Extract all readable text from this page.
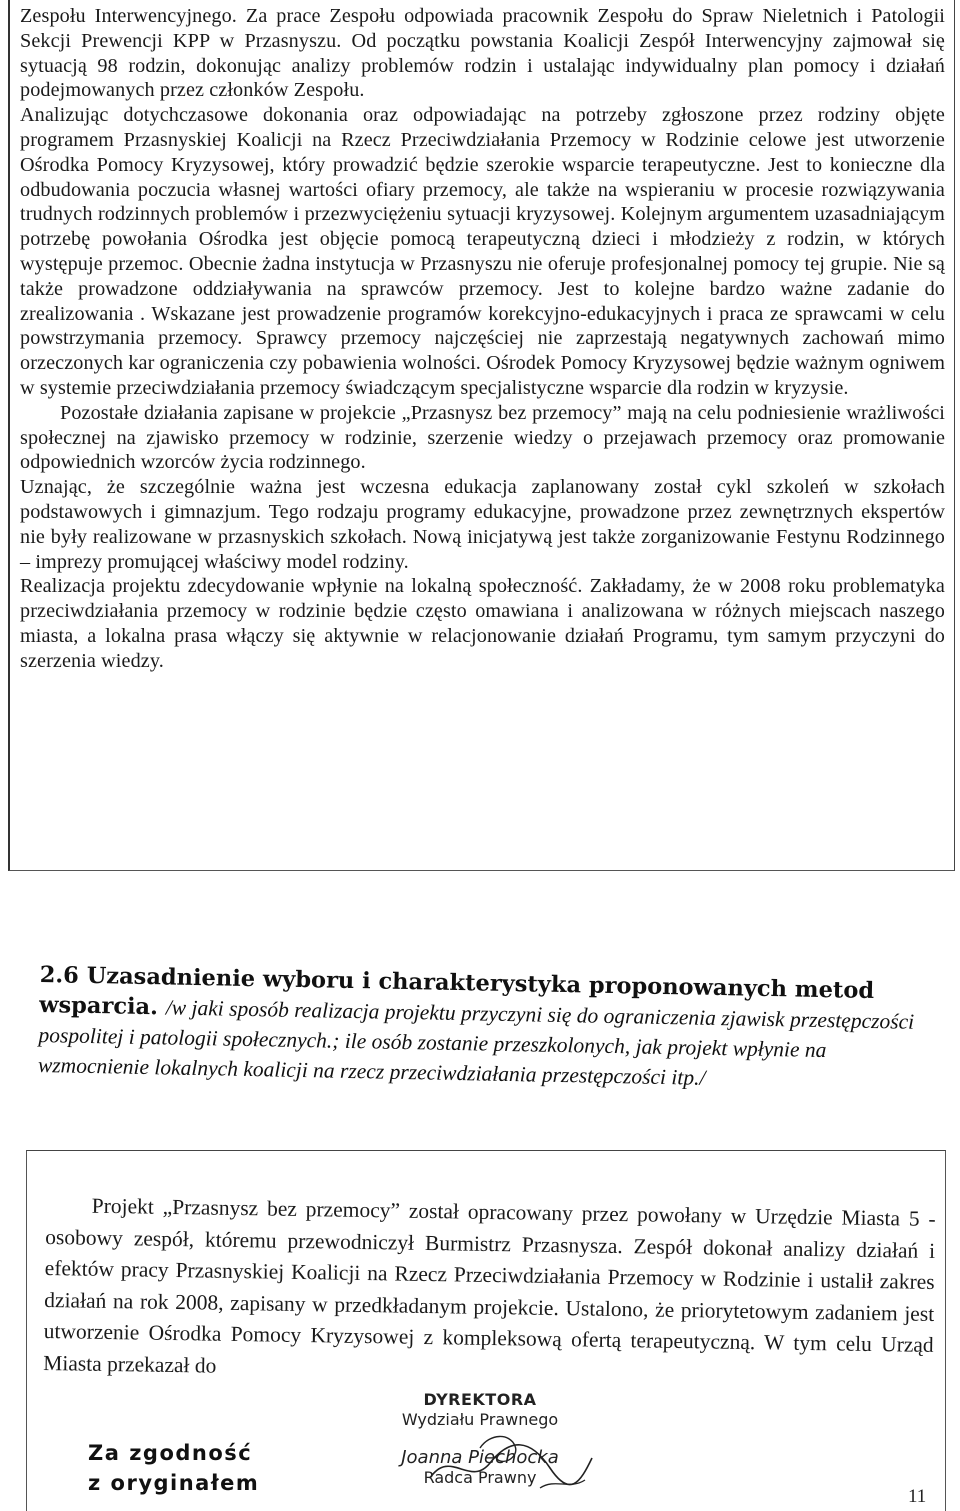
Zespołu Interwencyjnego. Za prace Zespołu odpowiada pracownik Zespołu do Spraw Nieletnich i Patologii Sekcji Prewencji KPP w Przasnyszu. Od początku powstania Koalicji Zespół Interwencyjny zajmował się sytuacją 98 rodzin, dokonując analizy problemów rodzin i ustalając indywidualny plan pomocy i działań podejmowanych przez członków Zespołu.

Analizując dotychczasowe dokonania oraz odpowiadając na potrzeby zgłoszone przez rodziny objęte programem Przasnyskiej Koalicji na Rzecz Przeciwdziałania Przemocy w Rodzinie celowe jest utworzenie Ośrodka Pomocy Kryzysowej, który prowadzić będzie szerokie wsparcie terapeutyczne. Jest to konieczne dla odbudowania poczucia własnej wartości ofiary przemocy, ale także na wspieraniu w procesie rozwiązywania trudnych rodzinnych problemów i przezwyciężeniu sytuacji kryzysowej. Kolejnym argumentem uzasadniającym potrzebę powołania Ośrodka jest objęcie pomocą terapeutyczną dzieci i młodzieży z rodzin, w których występuje przemoc. Obecnie żadna instytucja w Przasnyszu nie oferuje profesjonalnej pomocy tej grupie. Nie są także prowadzone oddziaływania na sprawców przemocy. Jest to kolejne bardzo ważne zadanie do zrealizowania . Wskazane jest prowadzenie programów korekcyjno-edukacyjnych i praca ze sprawcami w celu powstrzymania przemocy. Sprawcy przemocy najczęściej nie zaprzestają negatywnych zachowań mimo orzeczonych kar ograniczenia czy pobawienia wolności. Ośrodek Pomocy Kryzysowej będzie ważnym ogniwem w systemie przeciwdziałania przemocy świadczącym specjalistyczne wsparcie dla rodzin w kryzysie.

Pozostałe działania zapisane w projekcie „Przasnysz bez przemocy” mają na celu podniesienie wrażliwości społecznej na zjawisko przemocy w rodzinie, szerzenie wiedzy o przejawach przemocy oraz promowanie odpowiednich wzorców życia rodzinnego.

Uznając, że szczególnie ważna jest wczesna edukacja zaplanowany został cykl szkoleń w szkołach podstawowych i gimnazjum. Tego rodzaju programy edukacyjne, prowadzone przez zewnętrznych ekspertów nie były realizowane w przasnyskich szkołach. Nową inicjatywą jest także zorganizowanie Festynu Rodzinnego – imprezy promującej właściwy model rodziny.

Realizacja projektu zdecydowanie wpłynie na lokalną społeczność. Zakładamy, że w 2008 roku problematyka przeciwdziałania przemocy w rodzinie będzie często omawiana i analizowana w różnych miejscach naszego miasta, a lokalna prasa włączy się aktywnie w relacjonowanie działań Programu, tym samym przyczyni do szerzenia wiedzy.

2.6 Uzasadnienie wyboru i charakterystyka proponowanych metod wsparcia. /w jaki sposób realizacja projektu przyczyni się do ograniczenia zjawisk przestępczości pospolitej i patologii społecznych.; ile osób zostanie przeszkolonych, jak projekt wpłynie na wzmocnienie lokalnych koalicji na rzecz przeciwdziałania przestępczości itp./

Projekt „Przasnysz bez przemocy” został opracowany przez powołany w Urzędzie Miasta 5 - osobowy zespół, któremu przewodniczył Burmistrz Przasnysza. Zespół dokonał analizy działań i efektów pracy Przasnyskiej Koalicji na Rzecz Przeciwdziałania Przemocy w Rodzinie i ustalił zakres działań na rok 2008, zapisany w przedkładanym projekcie. Ustalono, że priorytetowym zadaniem jest utworzenie Ośrodka Pomocy Kryzysowej z kompleksową ofertą terapeutyczną. W tym celu Urząd Miasta przekazał do

DYREKTORA
Wydziału Prawnego
Joanna Piechocka
Radca Prawny
Za zgodność
z oryginałem
11
